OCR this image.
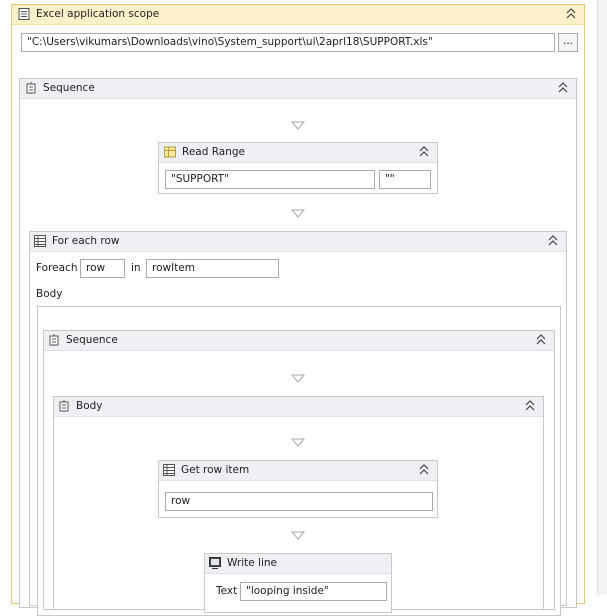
Excel application scope
"C:\Users\vikumars\Downloads\vino\System_support\ui\2aprl18\SUPPORT.xls"	...
Sequence
Read Range
"SUPPORT"	""
For each row
Foreach row	in	rowItem
Body
Sequence
Body
Get row item
row
Write line
Text "looping inside"
